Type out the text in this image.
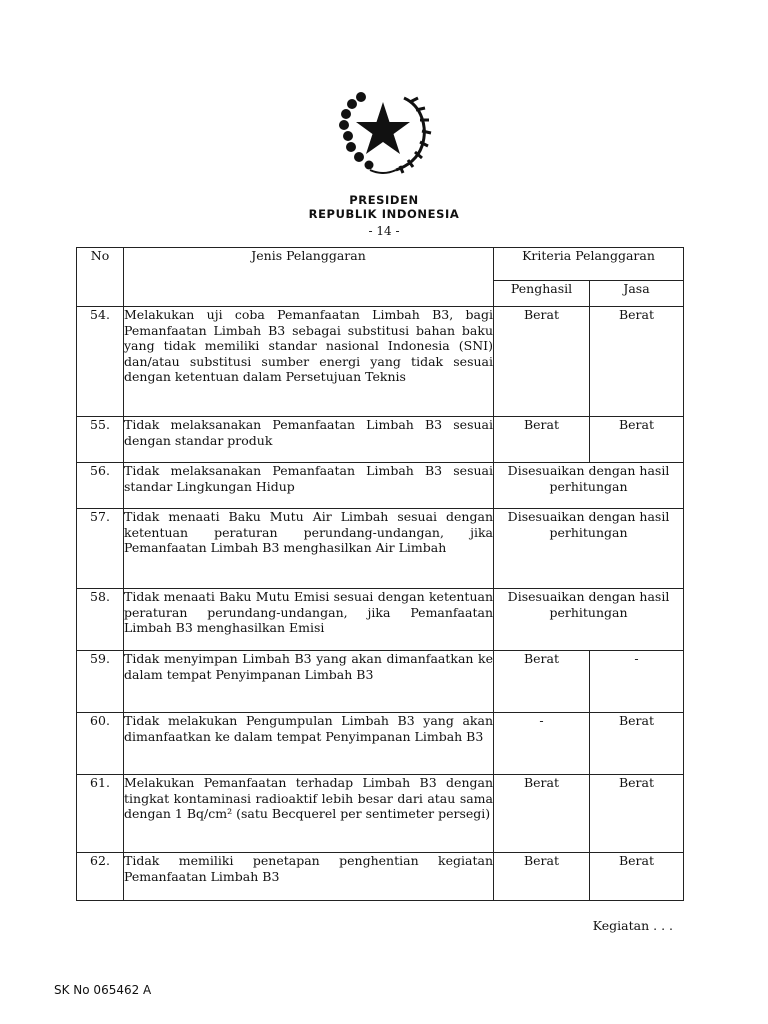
PRESIDEN
REPUBLIK INDONESIA
- 14 -
No	Jenis Pelanggaran	Kriteria Pelanggaran	
		Penghasil	Jasa
54.	Melakukan uji coba Pemanfaatan Limbah B3, bagi Pemanfaatan Limbah B3 sebagai substitusi bahan baku yang tidak memiliki standar nasional Indonesia (SNI) dan/atau substitusi sumber energi yang tidak sesuai dengan ketentuan dalam Persetujuan Teknis	Berat	Berat
55.	Tidak melaksanakan Pemanfaatan Limbah B3 sesuai dengan standar produk	Berat	Berat
56.	Tidak melaksanakan Pemanfaatan Limbah B3 sesuai standar Lingkungan Hidup	Disesuaikan dengan hasil perhitungan	
57.	Tidak menaati Baku Mutu Air Limbah sesuai dengan ketentuan peraturan perundang-undangan, jika Pemanfaatan Limbah B3 menghasilkan Air Limbah	Disesuaikan dengan hasil perhitungan	
58.	Tidak menaati Baku Mutu Emisi sesuai dengan ketentuan peraturan perundang-undangan, jika Pemanfaatan Limbah B3 menghasilkan Emisi	Disesuaikan dengan hasil perhitungan	
59.	Tidak menyimpan Limbah B3 yang akan dimanfaatkan ke dalam tempat Penyimpanan Limbah B3	Berat	-
60.	Tidak melakukan Pengumpulan Limbah B3 yang akan dimanfaatkan ke dalam tempat Penyimpanan Limbah B3	-	Berat
61.	Melakukan Pemanfaatan terhadap Limbah B3 dengan tingkat kontaminasi radioaktif lebih besar dari atau sama dengan 1 Bq/cm² (satu Becquerel per sentimeter persegi)	Berat	Berat
62.	Tidak memiliki penetapan penghentian kegiatan Pemanfaatan Limbah B3	Berat	Berat
Kegiatan . . .
SK No 065462 A
